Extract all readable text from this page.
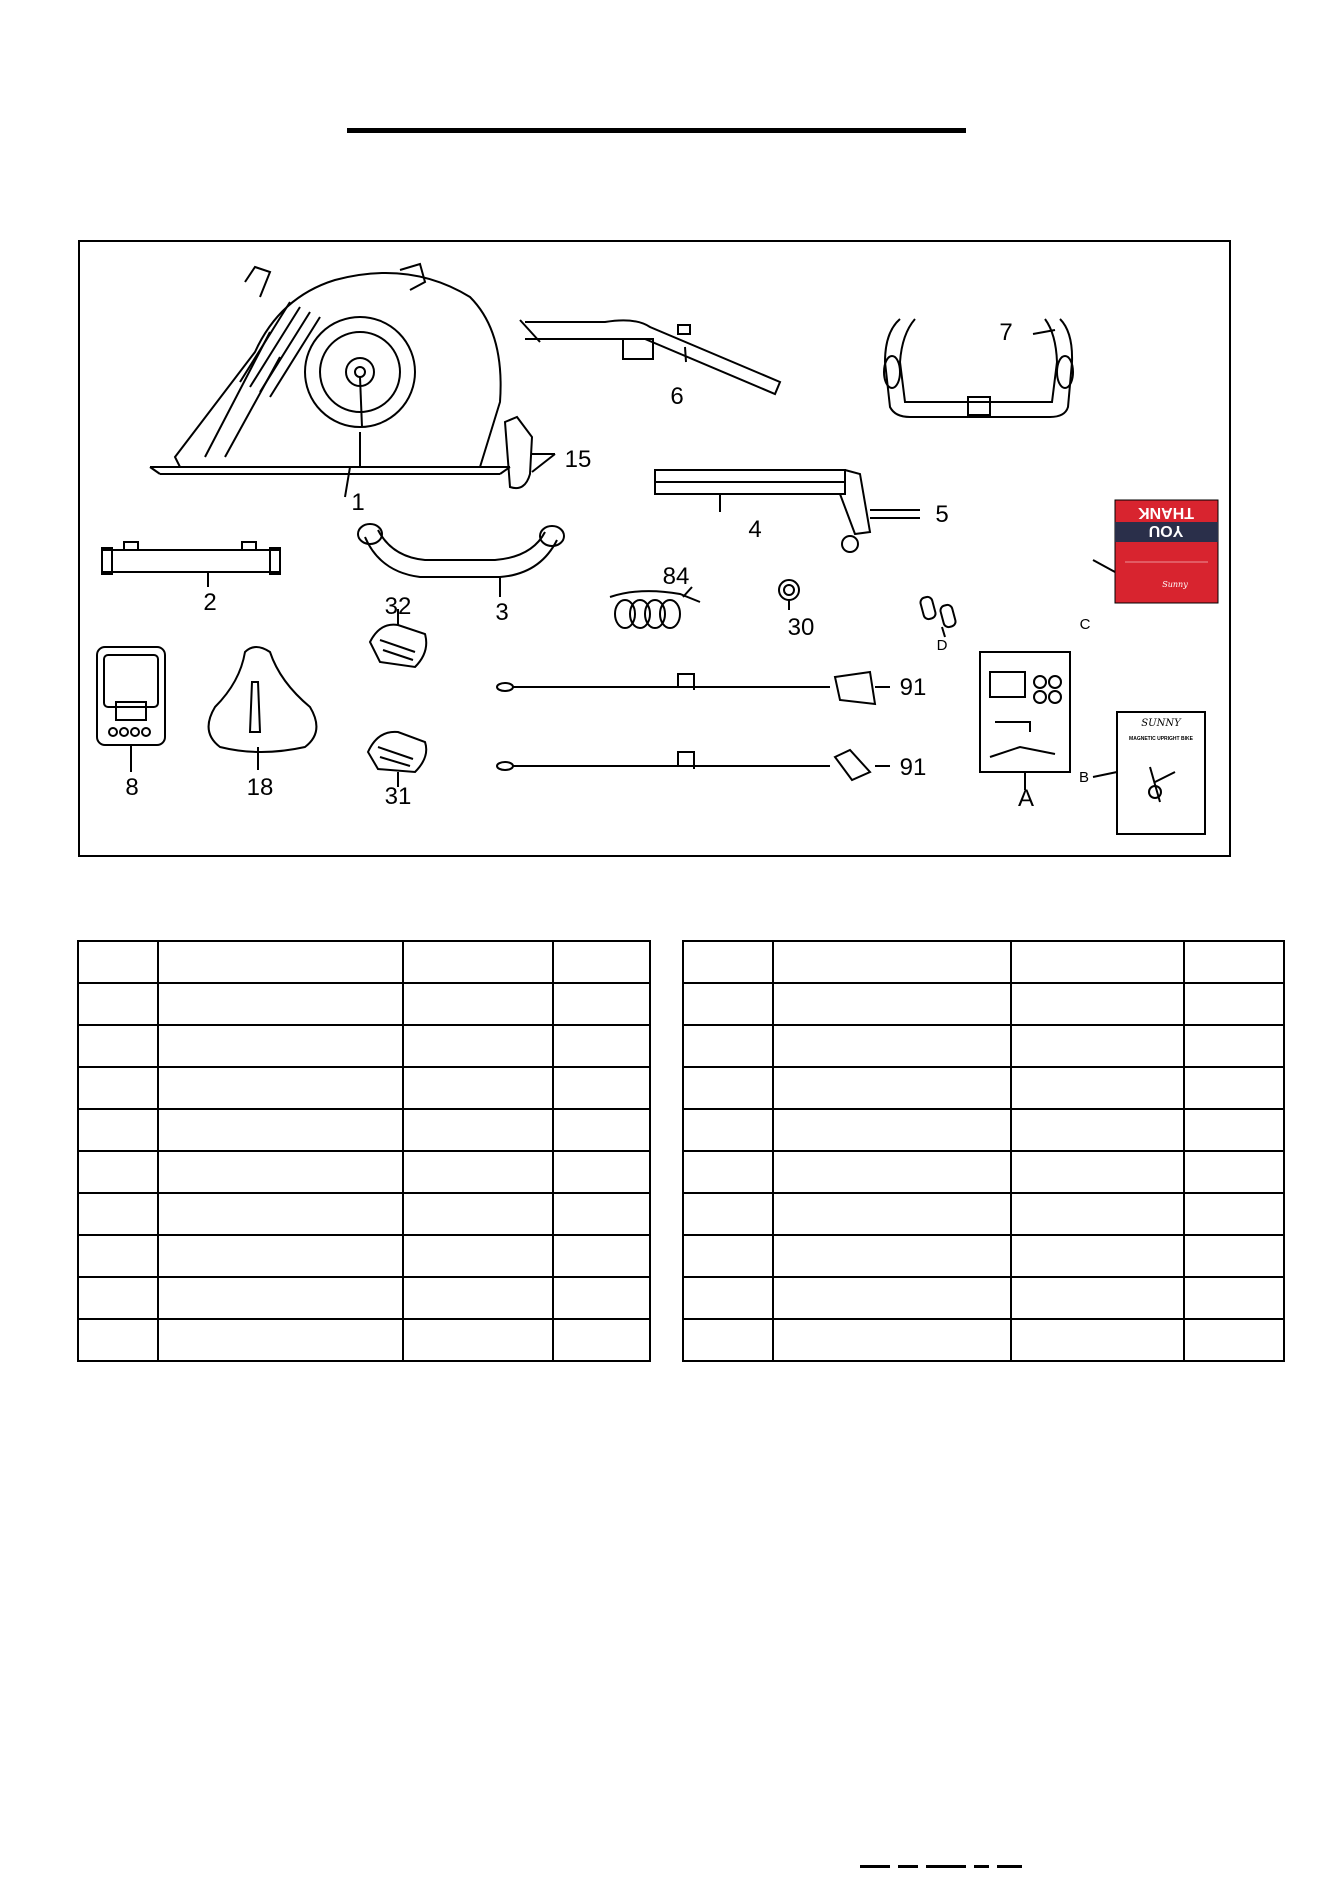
THANK
YOU
Sunny
SUNNY
MAGNETIC UPRIGHT BIKE
1
2	3
4
5
6
7
8	18
15
32
31
84
30
91
91
A
B
C
D
